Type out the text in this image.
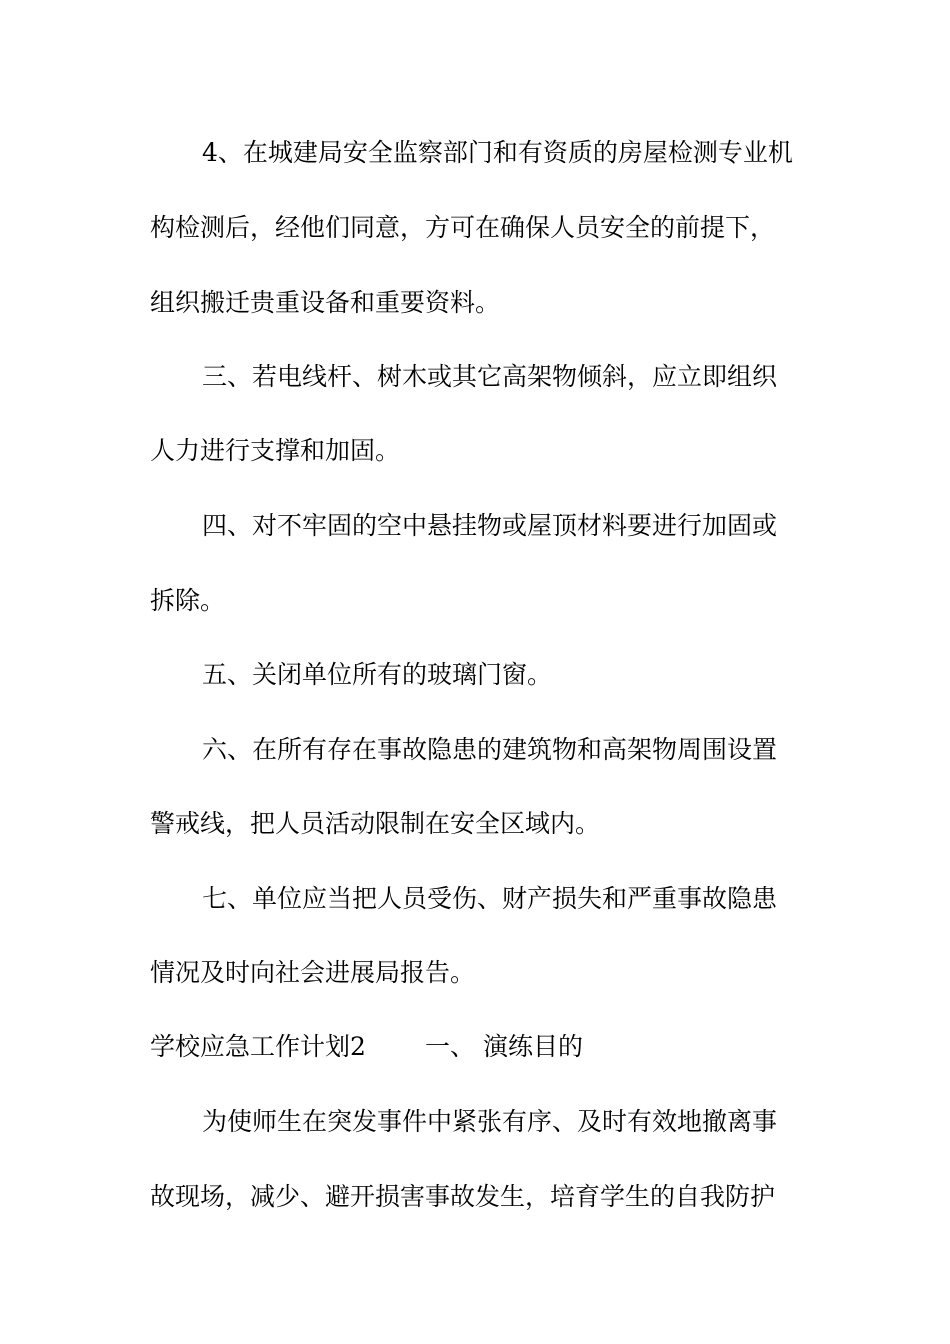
4、在城建局安全监察部门和有资质的房屋检测专业机
构检测后，经他们同意，方可在确保人员安全的前提下，
组织搬迁贵重设备和重要资料。
三、若电线杆、树木或其它高架物倾斜，应立即组织
人力进行支撑和加固。
四、对不牢固的空中悬挂物或屋顶材料要进行加固或
拆除。
五、关闭单位所有的玻璃门窗。
六、在所有存在事故隐患的建筑物和高架物周围设置
警戒线，把人员活动限制在安全区域内。
七、单位应当把人员受伤、财产损失和严重事故隐患
情况及时向社会进展局报告。
学校应急工作计划2 一、 演练目的
为使师生在突发事件中紧张有序、及时有效地撤离事
故现场，减少、避开损害事故发生，培育学生的自我防护
